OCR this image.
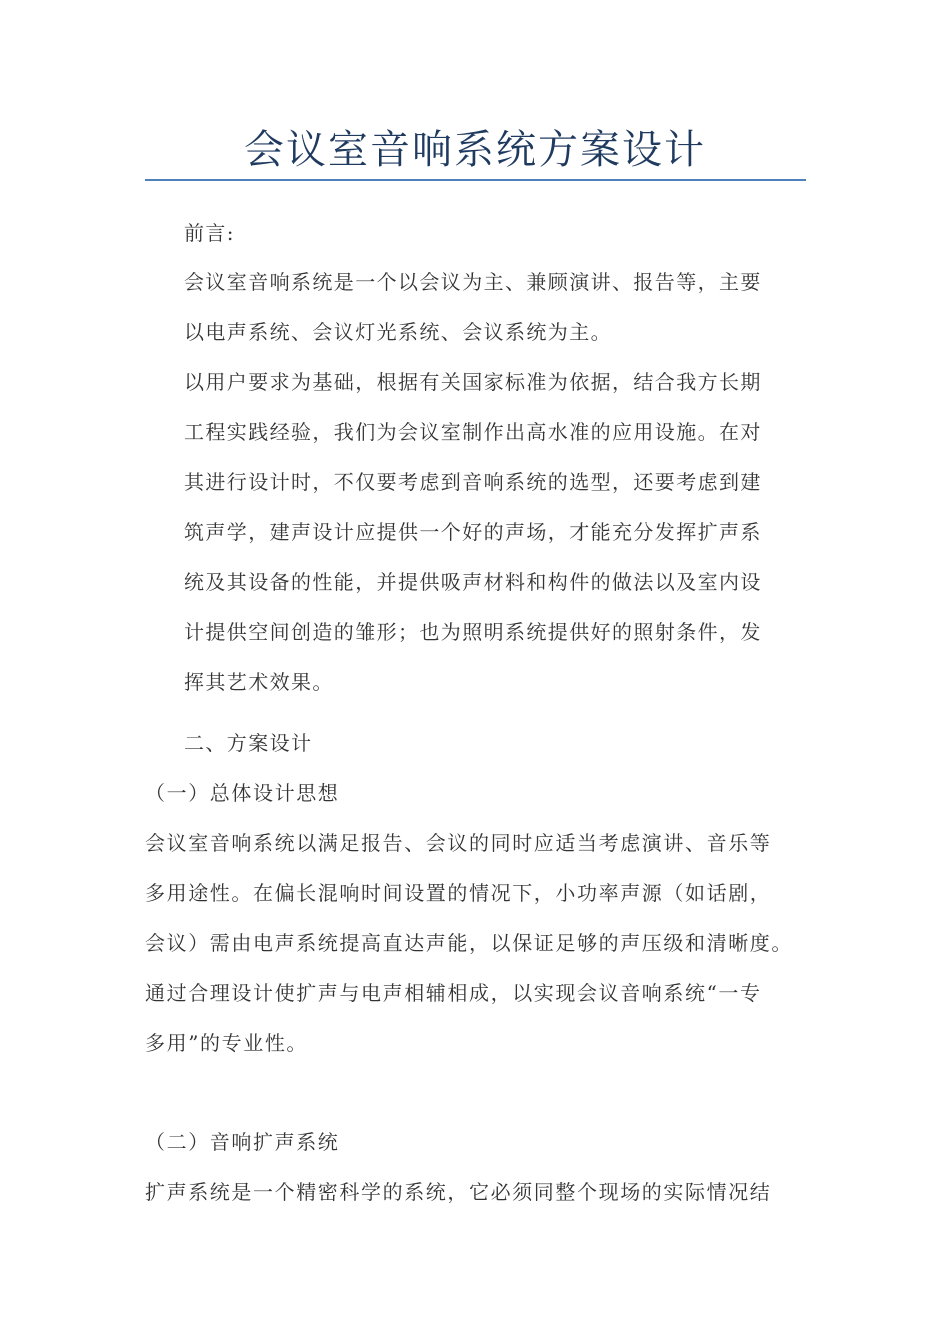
会议室音响系统方案设计
前言:
会议室音响系统是一个以会议为主、兼顾演讲、报告等，主要
以电声系统、会议灯光系统、会议系统为主。
以用户要求为基础，根据有关国家标准为依据，结合我方长期
工程实践经验，我们为会议室制作出高水准的应用设施。在对
其进行设计时，不仅要考虑到音响系统的选型，还要考虑到建
筑声学，建声设计应提供一个好的声场，才能充分发挥扩声系
统及其设备的性能，并提供吸声材料和构件的做法以及室内设
计提供空间创造的雏形；也为照明系统提供好的照射条件，发
挥其艺术效果。
二、方案设计
（一）总体设计思想
会议室音响系统以满足报告、会议的同时应适当考虑演讲、音乐等
多用途性。在偏长混响时间设置的情况下，小功率声源（如话剧，
会议）需由电声系统提高直达声能，以保证足够的声压级和清晰度。
通过合理设计使扩声与电声相辅相成，以实现会议音响系统“一专
多用”的专业性。
（二）音响扩声系统
扩声系统是一个精密科学的系统，它必须同整个现场的实际情况结
